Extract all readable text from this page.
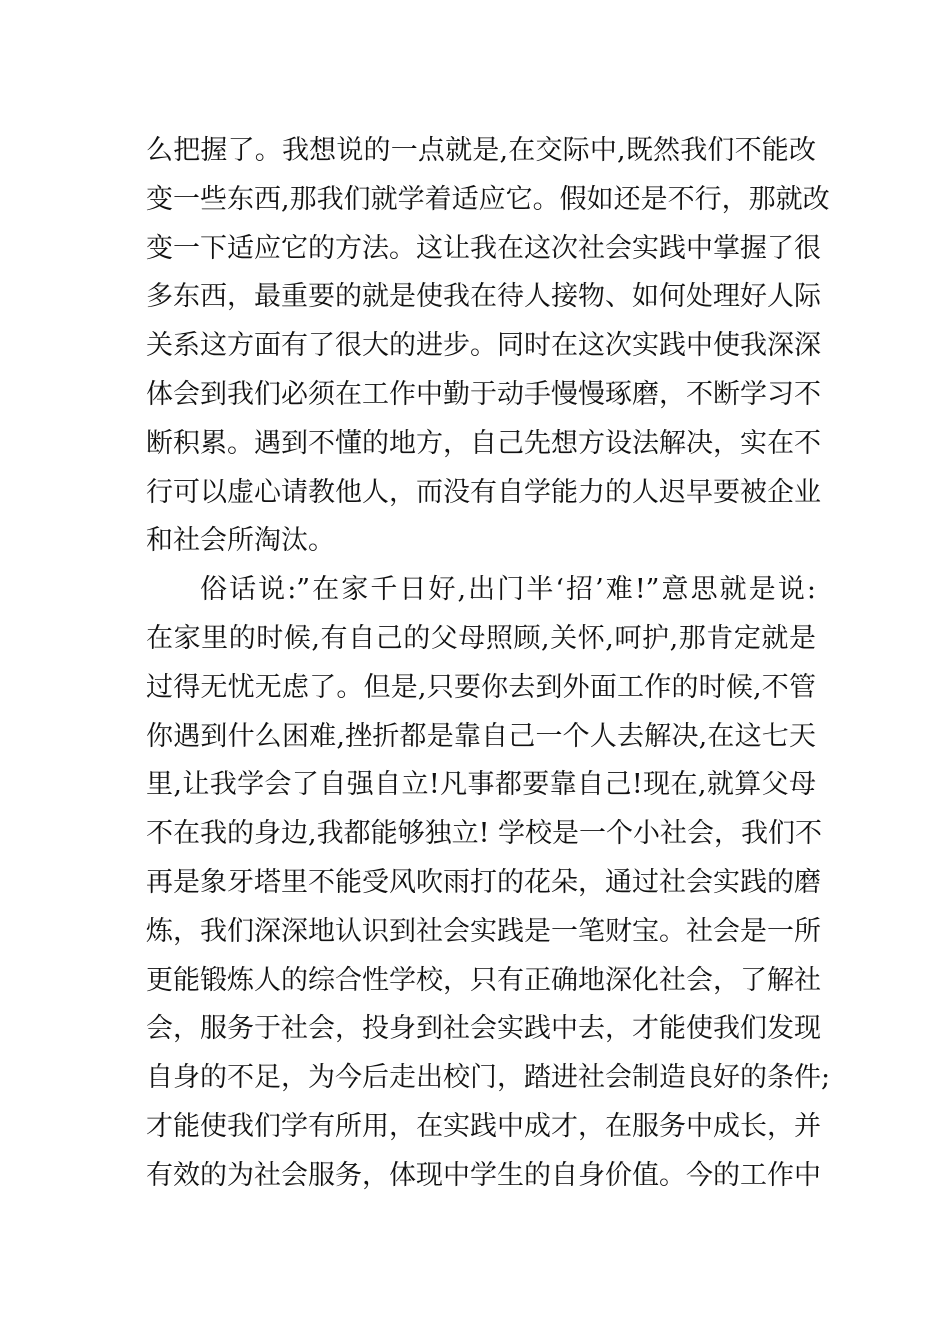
么把握了。我想说的一点就是,在交际中,既然我们不能改
变一些东西,那我们就学着适应它。假如还是不行，那就改
变一下适应它的方法。这让我在这次社会实践中掌握了很
多东西，最重要的就是使我在待人接物、如何处理好人际
关系这方面有了很大的进步。同时在这次实践中使我深深
体会到我们必须在工作中勤于动手慢慢琢磨，不断学习不
断积累。遇到不懂的地方，自己先想方设法解决，实在不
行可以虚心请教他人，而没有自学能力的人迟早要被企业
和社会所淘汰。
俗话说:”在家千日好,出门半‘招’难!”意思就是说:
在家里的时候,有自己的父母照顾,关怀,呵护,那肯定就是
过得无忧无虑了。但是,只要你去到外面工作的时候,不管
你遇到什么困难,挫折都是靠自己一个人去解决,在这七天
里,让我学会了自强自立!凡事都要靠自己!现在,就算父母
不在我的身边,我都能够独立! 学校是一个小社会，我们不
再是象牙塔里不能受风吹雨打的花朵，通过社会实践的磨
炼，我们深深地认识到社会实践是一笔财宝。社会是一所
更能锻炼人的综合性学校，只有正确地深化社会，了解社
会，服务于社会，投身到社会实践中去，才能使我们发现
自身的不足，为今后走出校门，踏进社会制造良好的条件;
才能使我们学有所用，在实践中成才，在服务中成长，并
有效的为社会服务，体现中学生的自身价值。今的工作中
